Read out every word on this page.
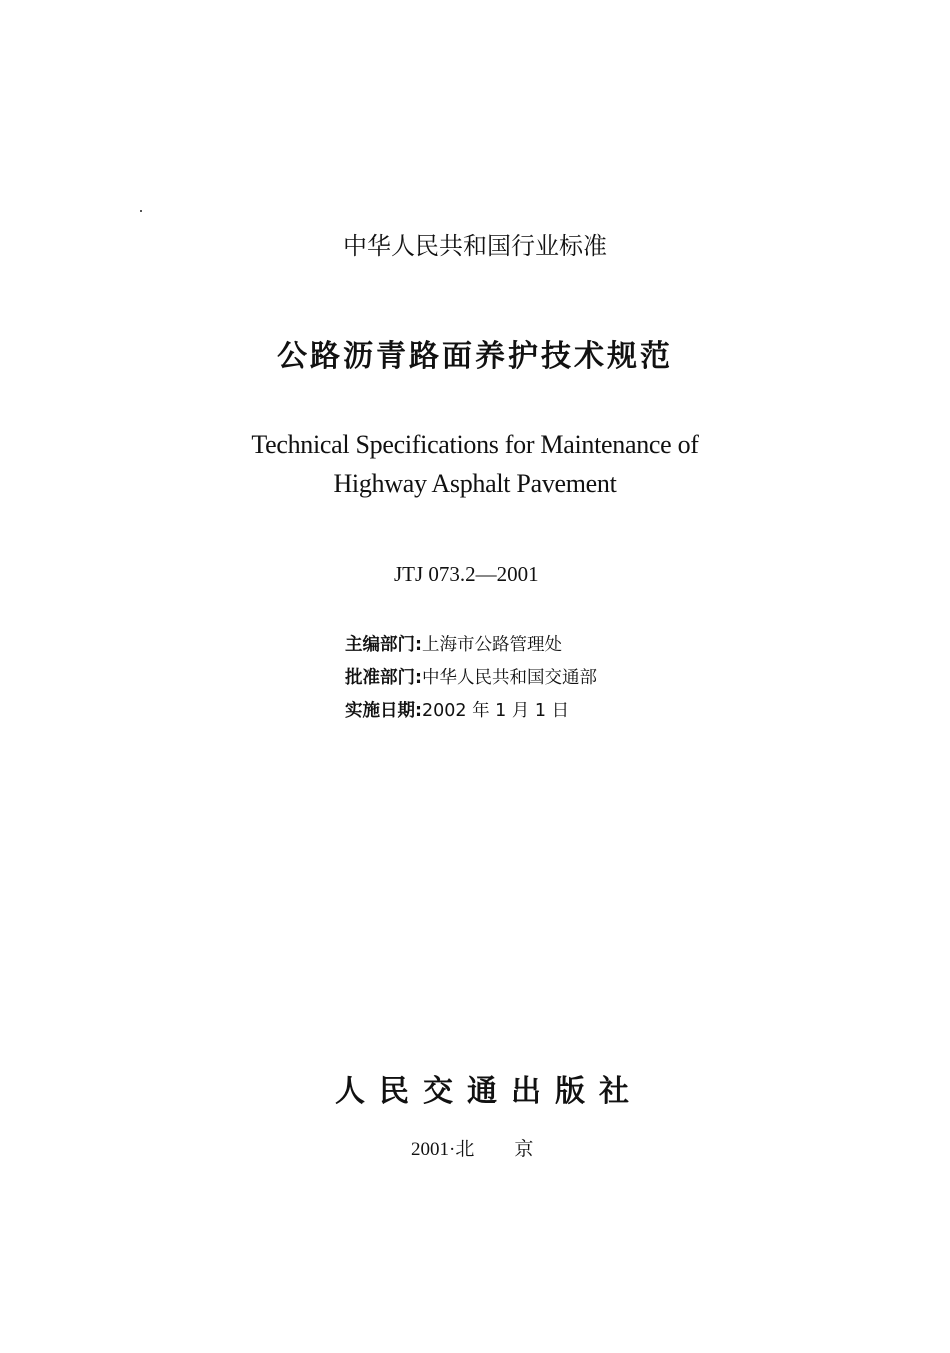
中华人民共和国行业标准
公路沥青路面养护技术规范
Technical Specifications for Maintenance of
Highway Asphalt Pavement
JTJ 073.2—2001
主编部门:上海市公路管理处
批准部门:中华人民共和国交通部
实施日期:2002 年 1 月 1 日
人民交通出版社
2001·北 京
